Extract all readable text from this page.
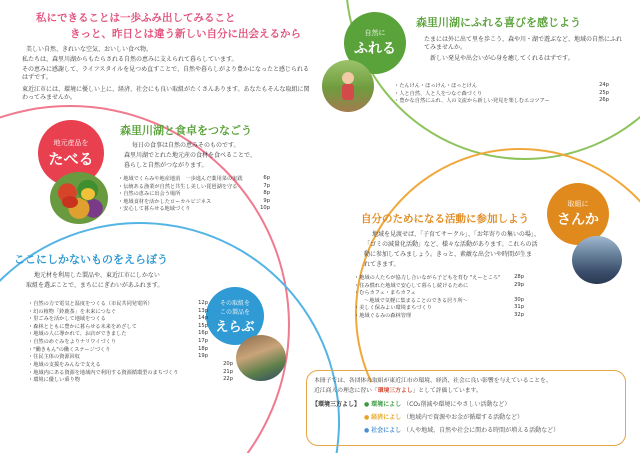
私にできることは一歩ふみ出してみること
きっと、昨日とは違う新しい自分に出会えるから
美しい自然、きれいな空気、おいしい食べ物。
私たちは、森里川湖からもたらされる自然の恵みに支えられて暮らしています。
その恵みに感謝して、ライフスタイルを見つめ直すことで、自然や暮らしがより豊かになったと感じられるはずです。
東近江市には、環境に優しい上に、経済、社会にも良い取組がたくさんあります。あなたもそんな取組に関わってみませんか。
地元産品を
たべる
森里川湖と食卓をつなごう
毎日の食事は自然の恵みそのものです。
森里川湖でとれた地元産の食材を食べることで、
暮らしと自然がつながります。
・地域でくらみや地産地消　一歩進んだ薬用菜の実践	6p
・伝統ある漁業が自然と共生し美しい琵琶湖を守る	7p
・自然の恵みに出会う場所	8p
・地域食材を活かしたローカルビジネス	9p
・安心して暮らせる地域づくり	10p
ここにしかないものをえらぼう
地元材を利用した製品や、東近江市にしかない
取組を選ぶことで、まちににぎわいがあふれます。
その取組を
この製品を
えらぶ
・自然の力で電気と温度をつくる（市民共同発電所）	12p
・幻の植物「鈴鹿茶」を未来につなぐ	13p
・里ごみを活かして地域をつくる	14p
・森林とともに豊かに暮らせる未来をめざして	15p
・地域の人に導かれて、お店ができました	16p
・自然のめぐみをよりナリワイづくり	17p
・"働きもん"の働くステージづくり	18p
・住民主体の資源回収	19p
・地域の支援をみんなで支える	20p
・地域内にある資源を地域内で利用する資源循環型のまちづくり	21p
・環境に優しい乗り物	22p
自然に
ふれる
森里川湖にふれる喜びを感じよう
たまには外に出て里を歩こう、森や川・湖で遊ぶなど、地域の自然にふれてみませんか。
新しい発見や出会いが心身を癒してくれるはずです。
・たんけん・ほっけん・ほっとけん	24p
・人と自然、人と人をつなぐ森づくり	25p
・豊かな自然にふれ、人の文流から新しい発見を楽しむエコツアー	26p
取組に
さんか
自分のためになる活動に参加しよう
地域を見渡せば、「子育てサークル」、「お年寄りの集いの場」、
「ゴミの減量化活動」など、様々な活動があります。これらの活
動に参加してみましょう。きっと、素敵な出会いや時間が生ま
れてきます。
・地域の人たちが協力し合いながら子どもを育む "えーところ"	28p
・住み慣れた地域で安心して暮らし続けるために	29p
・むらカフェ・まちカフェ
～地域で気軽に集まることのできる居り所～	30p
・美しく保みよい環境まちづくり	31p
・地域ぐるみの森林管理	32p
本冊子では、各団体の取組が東近江市の環境、経済、社会に良い影響を与えていることを、
近江商人の理念に習い「環境三方よし」として評価しています。
【環境三方よし】 ● 環境によし （CO₂削減や環境にやさしい活動など）
● 経済によし （地域内で資源やお金が循環する活動など）
● 社会によし （人や地域、自然や社会に関わる時間が増える活動など）
